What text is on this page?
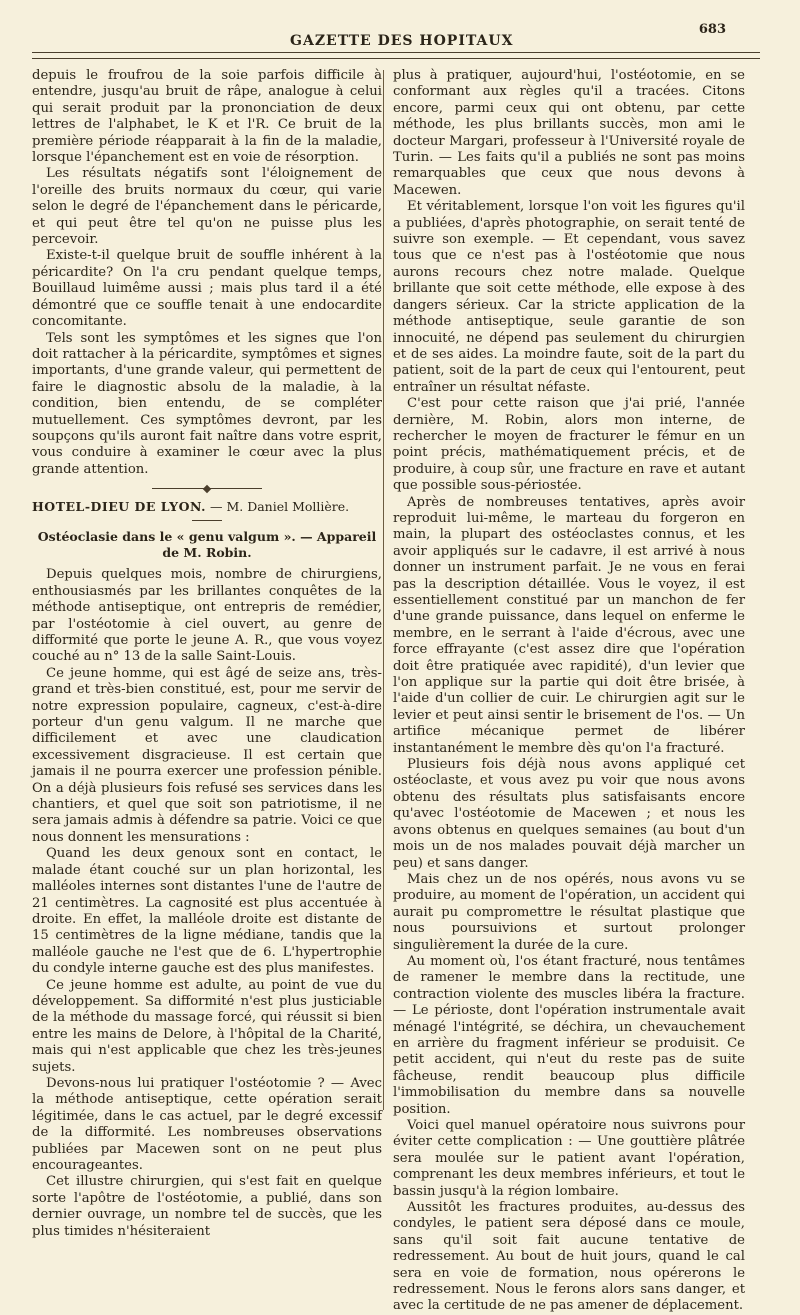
683
GAZETTE DES HOPITAUX

depuis le froufrou de la soie parfois difficile à entendre, jusqu'au bruit de râpe, analogue à celui qui serait produit par la prononciation de deux lettres de l'alphabet, le K et l'R. Ce bruit de la première période réapparait à la fin de la maladie, lorsque l'épanchement est en voie de résorption.

Les résultats négatifs sont l'éloignement de l'oreille des bruits normaux du cœur, qui varie selon le degré de l'épanchement dans le péricarde, et qui peut être tel qu'on ne puisse plus les percevoir.

Existe-t-il quelque bruit de souffle inhérent à la péricardite? On l'a cru pendant quelque temps, Bouillaud luimême aussi ; mais plus tard il a été démontré que ce souffle tenait à une endocardite concomitante.

Tels sont les symptômes et les signes que l'on doit rattacher à la péricardite, symptômes et signes importants, d'une grande valeur, qui permettent de faire le diagnostic absolu de la maladie, à la condition, bien entendu, de se compléter mutuellement. Ces symptômes devront, par les soupçons qu'ils auront fait naître dans votre esprit, vous conduire à examiner le cœur avec la plus grande attention.

HOTEL-DIEU DE LYON. — M. Daniel Mollière.
Ostéoclasie dans le « genu valgum ». — Appareil
de M. Robin.

Depuis quelques mois, nombre de chirurgiens, enthousiasmés par les brillantes conquêtes de la méthode antiseptique, ont entrepris de remédier, par l'ostéotomie à ciel ouvert, au genre de difformité que porte le jeune A. R., que vous voyez couché au n° 13 de la salle Saint-Louis.

Ce jeune homme, qui est âgé de seize ans, très-grand et très-bien constitué, est, pour me servir de notre expression populaire, cagneux, c'est-à-dire porteur d'un genu valgum. Il ne marche que difficilement et avec une claudication excessivement disgracieuse. Il est certain que jamais il ne pourra exercer une profession pénible. On a déjà plusieurs fois refusé ses services dans les chantiers, et quel que soit son patriotisme, il ne sera jamais admis à défendre sa patrie. Voici ce que nous donnent les mensurations :

Quand les deux genoux sont en contact, le malade étant couché sur un plan horizontal, les malléoles internes sont distantes l'une de l'autre de 21 centimètres. La cagnosité est plus accentuée à droite. En effet, la malléole droite est distante de 15 centimètres de la ligne médiane, tandis que la malléole gauche ne l'est que de 6. L'hypertrophie du condyle interne gauche est des plus manifestes.

Ce jeune homme est adulte, au point de vue du développement. Sa difformité n'est plus justiciable de la méthode du massage forcé, qui réussit si bien entre les mains de Delore, à l'hôpital de la Charité, mais qui n'est applicable que chez les très-jeunes sujets.

Devons-nous lui pratiquer l'ostéotomie ? — Avec la méthode antiseptique, cette opération serait légitimée, dans le cas actuel, par le degré excessif de la difformité. Les nombreuses observations publiées par Macewen sont on ne peut plus encourageantes.

Cet illustre chirurgien, qui s'est fait en quelque sorte l'apôtre de l'ostéotomie, a publié, dans son dernier ouvrage, un nombre tel de succès, que les plus timides n'hésiteraient

plus à pratiquer, aujourd'hui, l'ostéotomie, en se conformant aux règles qu'il a tracées. Citons encore, parmi ceux qui ont obtenu, par cette méthode, les plus brillants succès, mon ami le docteur Margari, professeur à l'Université royale de Turin. — Les faits qu'il a publiés ne sont pas moins remarquables que ceux que nous devons à Macewen.

Et véritablement, lorsque l'on voit les figures qu'il a publiées, d'après photographie, on serait tenté de suivre son exemple. — Et cependant, vous savez tous que ce n'est pas à l'ostéotomie que nous aurons recours chez notre malade. Quelque brillante que soit cette méthode, elle expose à des dangers sérieux. Car la stricte application de la méthode antiseptique, seule garantie de son innocuité, ne dépend pas seulement du chirurgien et de ses aides. La moindre faute, soit de la part du patient, soit de la part de ceux qui l'entourent, peut entraîner un résultat néfaste.

C'est pour cette raison que j'ai prié, l'année dernière, M. Robin, alors mon interne, de rechercher le moyen de fracturer le fémur en un point précis, mathématiquement précis, et de produire, à coup sûr, une fracture en rave et autant que possible sous-périostée.

Après de nombreuses tentatives, après avoir reproduit lui-même, le marteau du forgeron en main, la plupart des ostéoclastes connus, et les avoir appliqués sur le cadavre, il est arrivé à nous donner un instrument parfait. Je ne vous en ferai pas la description détaillée. Vous le voyez, il est essentiellement constitué par un manchon de fer d'une grande puissance, dans lequel on enferme le membre, en le serrant à l'aide d'écrous, avec une force effrayante (c'est assez dire que l'opération doit être pratiquée avec rapidité), d'un levier que l'on applique sur la partie qui doit être brisée, à l'aide d'un collier de cuir. Le chirurgien agit sur le levier et peut ainsi sentir le brisement de l'os. — Un artifice mécanique permet de libérer instantanément le membre dès qu'on l'a fracturé.

Plusieurs fois déjà nous avons appliqué cet ostéoclaste, et vous avez pu voir que nous avons obtenu des résultats plus satisfaisants encore qu'avec l'ostéotomie de Macewen ; et nous les avons obtenus en quelques semaines (au bout d'un mois un de nos malades pouvait déjà marcher un peu) et sans danger.

Mais chez un de nos opérés, nous avons vu se produire, au moment de l'opération, un accident qui aurait pu compromettre le résultat plastique que nous poursuivions et surtout prolonger singulièrement la durée de la cure.

Au moment où, l'os étant fracturé, nous tentâmes de ramener le membre dans la rectitude, une contraction violente des muscles libéra la fracture. — Le périoste, dont l'opération instrumentale avait ménagé l'intégrité, se déchira, un chevauchement en arrière du fragment inférieur se produisit. Ce petit accident, qui n'eut du reste pas de suite fâcheuse, rendit beaucoup plus difficile l'immobilisation du membre dans sa nouvelle position.

Voici quel manuel opératoire nous suivrons pour éviter cette complication : — Une gouttière plâtrée sera moulée sur le patient avant l'opération, comprenant les deux membres inférieurs, et tout le bassin jusqu'à la région lombaire.

Aussitôt les fractures produites, au-dessus des condyles, le patient sera déposé dans ce moule, sans qu'il soit fait aucune tentative de redressement. Au bout de huit jours, quand le cal sera en voie de formation, nous opérerons le redressement. Nous le ferons alors sans danger, et avec la certitude de ne pas amener de déplacement.
